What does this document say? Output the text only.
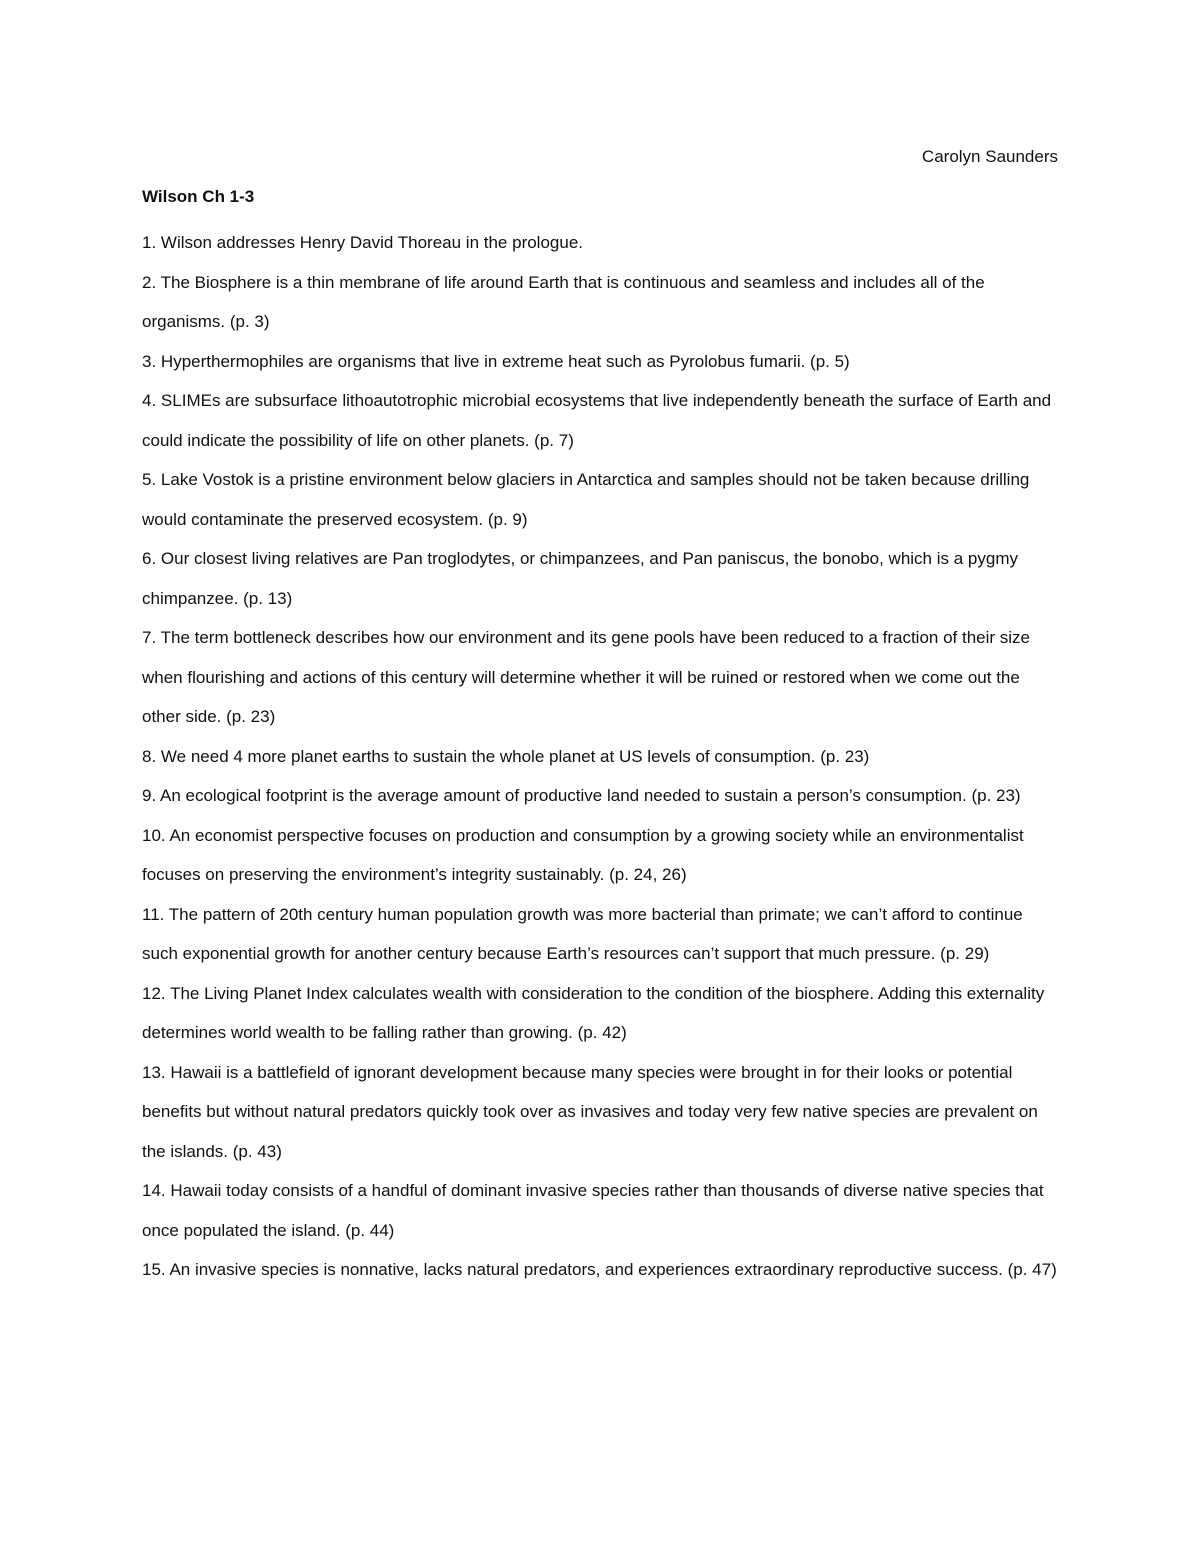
Carolyn Saunders
Wilson Ch 1-3
1. Wilson addresses Henry David Thoreau in the prologue.
2. The Biosphere is a thin membrane of life around Earth that is continuous and seamless and includes all of the organisms. (p. 3)
3. Hyperthermophiles are organisms that live in extreme heat such as Pyrolobus fumarii. (p. 5)
4. SLIMEs are subsurface lithoautotrophic microbial ecosystems that live independently beneath the surface of Earth and could indicate the possibility of life on other planets. (p. 7)
5. Lake Vostok is a pristine environment below glaciers in Antarctica and samples should not be taken because drilling would contaminate the preserved ecosystem. (p. 9)
6. Our closest living relatives are Pan troglodytes, or chimpanzees, and Pan paniscus, the bonobo, which is a pygmy chimpanzee. (p. 13)
7. The term bottleneck describes how our environment and its gene pools have been reduced to a fraction of their size when flourishing and actions of this century will determine whether it will be ruined or restored when we come out the other side. (p. 23)
8. We need 4 more planet earths to sustain the whole planet at US levels of consumption. (p. 23)
9. An ecological footprint is the average amount of productive land needed to sustain a person’s consumption. (p. 23)
10. An economist perspective focuses on production and consumption by a growing society while an environmentalist focuses on preserving the environment’s integrity sustainably. (p. 24, 26)
11. The pattern of 20th century human population growth was more bacterial than primate; we can’t afford to continue such exponential growth for another century because Earth’s resources can’t support that much pressure. (p. 29)
12. The Living Planet Index calculates wealth with consideration to the condition of the biosphere. Adding this externality determines world wealth to be falling rather than growing. (p. 42)
13. Hawaii is a battlefield of ignorant development because many species were brought in for their looks or potential benefits but without natural predators quickly took over as invasives and today very few native species are prevalent on the islands. (p. 43)
14. Hawaii today consists of a handful of dominant invasive species rather than thousands of diverse native species that once populated the island. (p. 44)
15. An invasive species is nonnative, lacks natural predators, and experiences extraordinary reproductive success. (p. 47)
